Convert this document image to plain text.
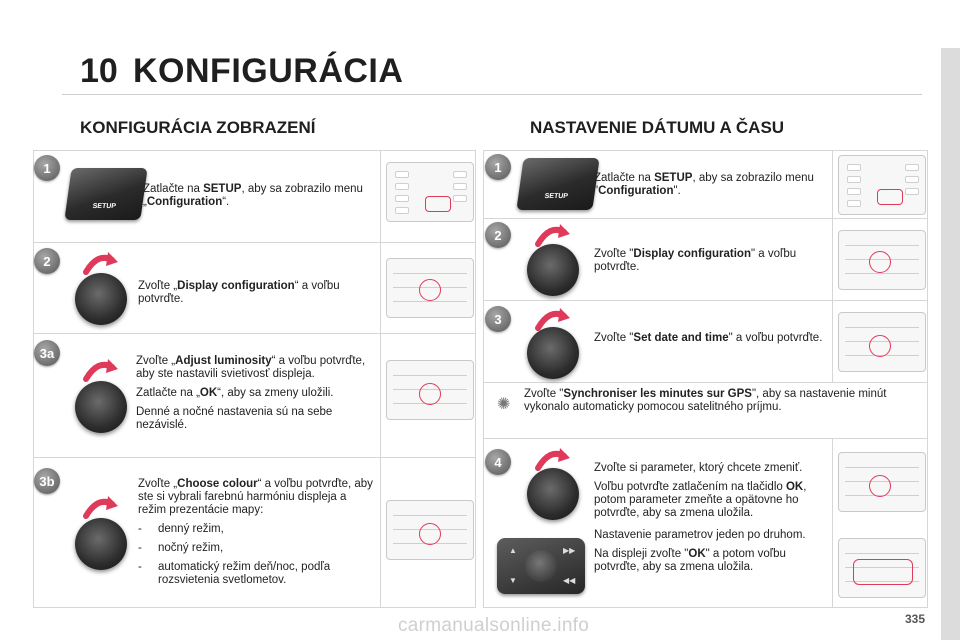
10 KONFIGURÁCIA
KONFIGURÁCIA ZOBRAZENÍ	NASTAVENIE DÁTUMU A ČASU
1
SETUP
Zatlačte na SETUP, aby sa zobrazilo menu „Configuration“.
2
Zvoľte „Display configuration“ a voľbu potvrďte.
3a
Zvoľte „Adjust luminosity“ a voľbu potvrďte, aby ste nastavili svietivosť displeja.
Zatlačte na „OK“, aby sa zmeny uložili.
Denné a nočné nastavenia sú na sebe nezávislé.
3b	Zvoľte „Choose colour“ a voľbu potvrďte, aby ste si vybrali farebnú harmóniu displeja a režim prezentácie mapy:
-	denný režim,
-	nočný režim,
-	automatický režim deň/noc, podľa rozsvietenia svetlometov.
1
SETUP
Zatlačte na SETUP, aby sa zobrazilo menu "Configuration".
2
Zvoľte "Display configuration" a voľbu potvrďte.
3
Zvoľte "Set date and time" a voľbu potvrďte.
✺
Zvoľte "Synchroniser les minutes sur GPS", aby sa nastavenie minút vykonalo automaticky pomocou satelitného príjmu.
4	Zvoľte si parameter, ktorý chcete zmeniť.
Voľbu potvrďte zatlačením na tlačidlo OK, potom parameter zmeňte a opätovne ho potvrďte, aby sa zmena uložila.
Nastavenie parametrov jeden po druhom.
Na displeji zvoľte "OK" a potom voľbu potvrďte, aby sa zmena uložila.
▲
▼
▶▶
◀◀
carmanualsonline.info	335
